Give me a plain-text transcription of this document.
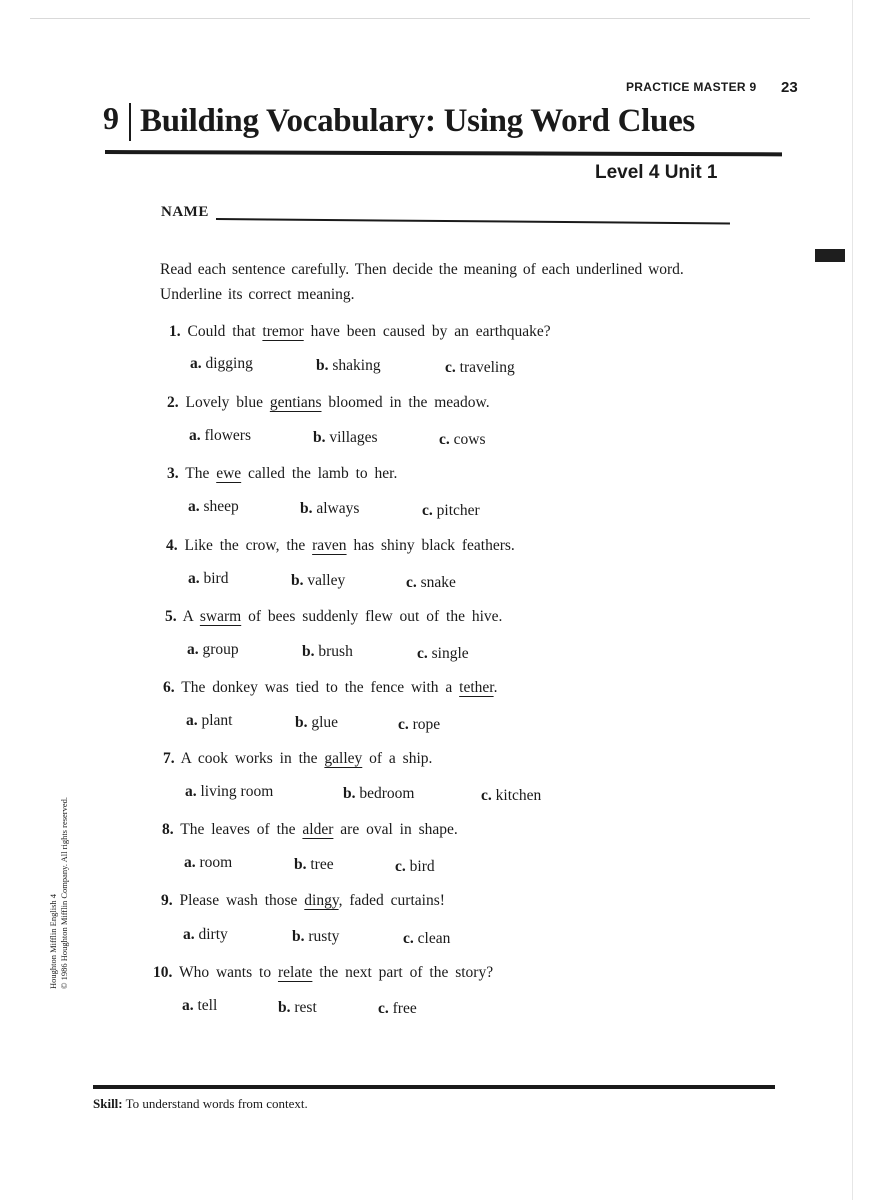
PRACTICE MASTER 9 23
9 Building Vocabulary: Using Word Clues
Level 4 Unit 1
NAME
Read each sentence carefully. Then decide the meaning of each underlined word. Underline its correct meaning.
1. Could that tremor have been caused by an earthquake?
a. digging	b. shaking	c. traveling
2. Lovely blue gentians bloomed in the meadow.
a. flowers	b. villages	c. cows
3. The ewe called the lamb to her.
a. sheep	b. always	c. pitcher
4. Like the crow, the raven has shiny black feathers.
a. bird	b. valley	c. snake
5. A swarm of bees suddenly flew out of the hive.
a. group	b. brush	c. single
6. The donkey was tied to the fence with a tether.
a. plant	b. glue	c. rope
7. A cook works in the galley of a ship.
a. living room	b. bedroom	c. kitchen
8. The leaves of the alder are oval in shape.
a. room	b. tree	c. bird
9. Please wash those dingy, faded curtains!
a. dirty	b. rusty	c. clean
10. Who wants to relate the next part of the story?
a. tell	b. rest	c. free
Houghton Mifflin English 4 © 1986 Houghton Mifflin Company. All rights reserved.
Skill: To understand words from context.
